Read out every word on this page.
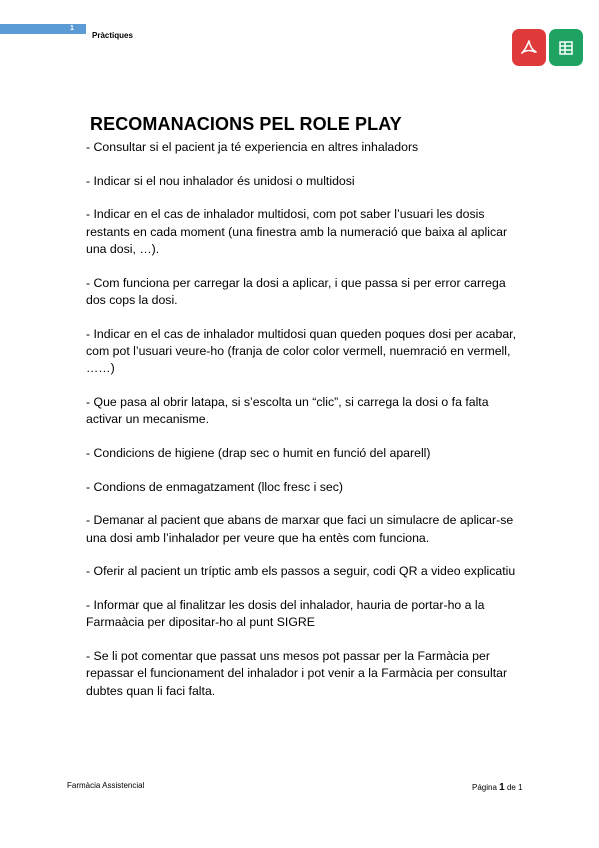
1
Pràctiques
RECOMANACIONS PEL ROLE PLAY
- Consultar si el pacient ja té experiencia en altres inhaladors
- Indicar si el nou inhalador és unidosi o multidosi
- Indicar en el cas de inhalador multidosi, com pot saber l’usuari les dosis restants en cada moment (una finestra amb la numeració que baixa al aplicar una dosi, …).
- Com funciona per carregar la dosi a aplicar, i que passa si per error carrega dos cops la dosi.
- Indicar en el cas de inhalador multidosi quan queden poques dosi per acabar, com pot l’usuari veure-ho (franja de color color vermell, nuemració en vermell, ……)
- Que pasa al obrir latapa, si s’escolta un “clic”, si carrega la dosi o fa falta activar un mecanisme.
- Condicions de higiene (drap sec o humit en funció del aparell)
- Condions de enmagatzament (lloc fresc i sec)
- Demanar al pacient que abans de marxar que faci un simulacre de aplicar-se una dosi amb l’inhalador per veure que ha entès com funciona.
- Oferir al pacient un tríptic amb els passos a seguir, codi QR a video explicatiu
- Informar que al finalitzar les dosis del inhalador, hauria de portar-ho a la Farmaàcia per dipositar-ho al punt SIGRE
- Se li pot comentar que passat uns mesos pot passar per la Farmàcia per repassar el funcionament del inhalador i pot venir a la Farmàcia per consultar dubtes quan li faci falta.
Farmàcia Assistencial	Página 1 de 1
